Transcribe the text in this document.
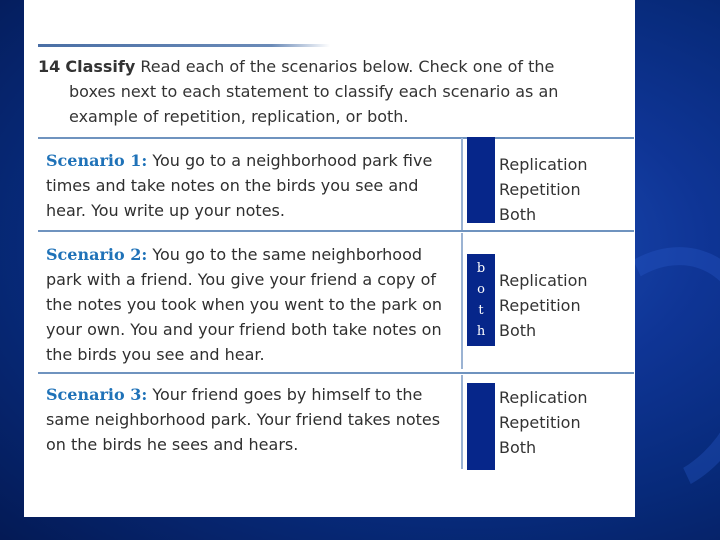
14 Classify Read each of the scenarios below. Check one of the
boxes next to each statement to classify each scenario as an
example of repetition, replication, or both.
Scenario 1: You go to a neighborhood park five
times and take notes on the birds you see and
hear. You write up your notes.
Replication
Repetition
Both
Scenario 2: You go to the same neighborhood
park with a friend. You give your friend a copy of
the notes you took when you went to the park on
your own. You and your friend both take notes on
the birds you see and hear.
b
o
t
h
Replication
Repetition
Both
Scenario 3: Your friend goes by himself to the
same neighborhood park. Your friend takes notes
on the birds he sees and hears.
Replication
Repetition
Both
